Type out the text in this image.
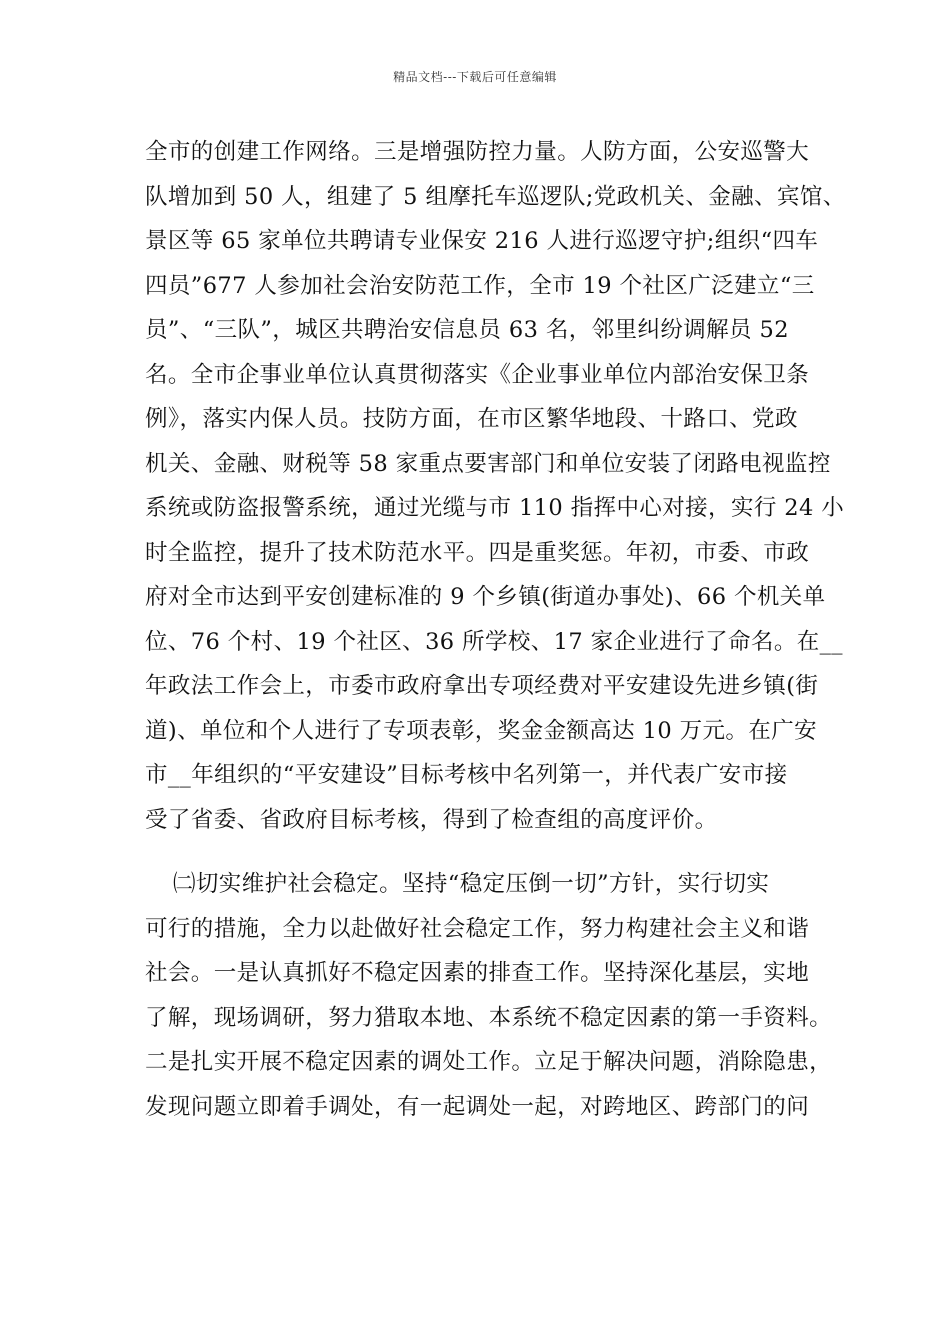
精品文档---下载后可任意编辑
全市的创建工作网络。三是增强防控力量。人防方面，公安巡警大
队增加到 50 人，组建了 5 组摩托车巡逻队;党政机关、金融、宾馆、
景区等 65 家单位共聘请专业保安 216 人进行巡逻守护;组织“四车
四员”677 人参加社会治安防范工作，全市 19 个社区广泛建立“三
员”、“三队”，城区共聘治安信息员 63 名，邻里纠纷调解员 52
名。全市企事业单位认真贯彻落实《企业事业单位内部治安保卫条
例》，落实内保人员。技防方面，在市区繁华地段、十路口、党政
机关、金融、财税等 58 家重点要害部门和单位安装了闭路电视监控
系统或防盗报警系统，通过光缆与市 110 指挥中心对接，实行 24 小
时全监控，提升了技术防范水平。四是重奖惩。年初，市委、市政
府对全市达到平安创建标准的 9 个乡镇(街道办事处)、66 个机关单
位、76 个村、19 个社区、36 所学校、17 家企业进行了命名。在__
年政法工作会上，市委市政府拿出专项经费对平安建设先进乡镇(街
道)、单位和个人进行了专项表彰，奖金金额高达 10 万元。在广安
市__年组织的“平安建设”目标考核中名列第一，并代表广安市接
受了省委、省政府目标考核，得到了检查组的高度评价。
㈡切实维护社会稳定。坚持“稳定压倒一切”方针，实行切实
可行的措施，全力以赴做好社会稳定工作，努力构建社会主义和谐
社会。一是认真抓好不稳定因素的排查工作。坚持深化基层，实地
了解，现场调研，努力猎取本地、本系统不稳定因素的第一手资料。
二是扎实开展不稳定因素的调处工作。立足于解决问题，消除隐患，
发现问题立即着手调处，有一起调处一起，对跨地区、跨部门的问
